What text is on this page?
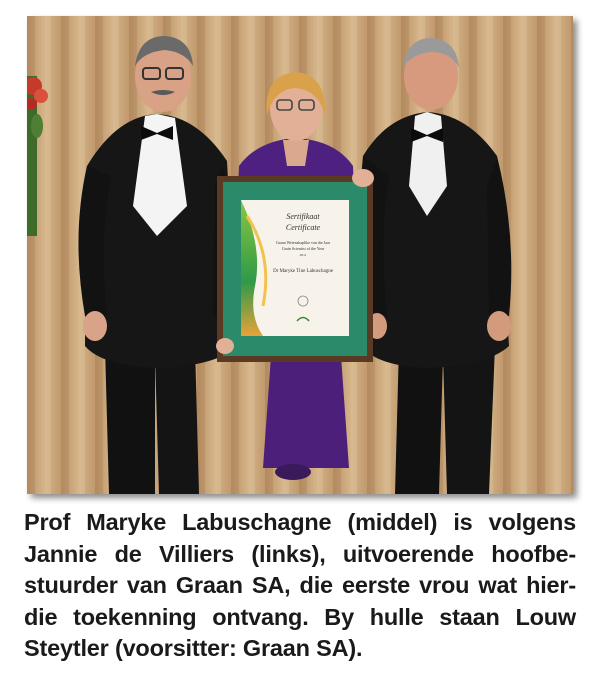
Sertifikaat
Certificate
Graan Wetenskaplike van die Jaar
Grain Scientist of the Year
2011
Dr Maryke Tine Labuschagne

Prof Maryke Labuschagne (middel) is volgens
Jannie de Villiers (links), uitvoerende hoofbe-
stuurder van Graan SA, die eerste vrou wat hier-
die toekenning ontvang. By hulle staan Louw
Steytler (voorsitter: Graan SA).
